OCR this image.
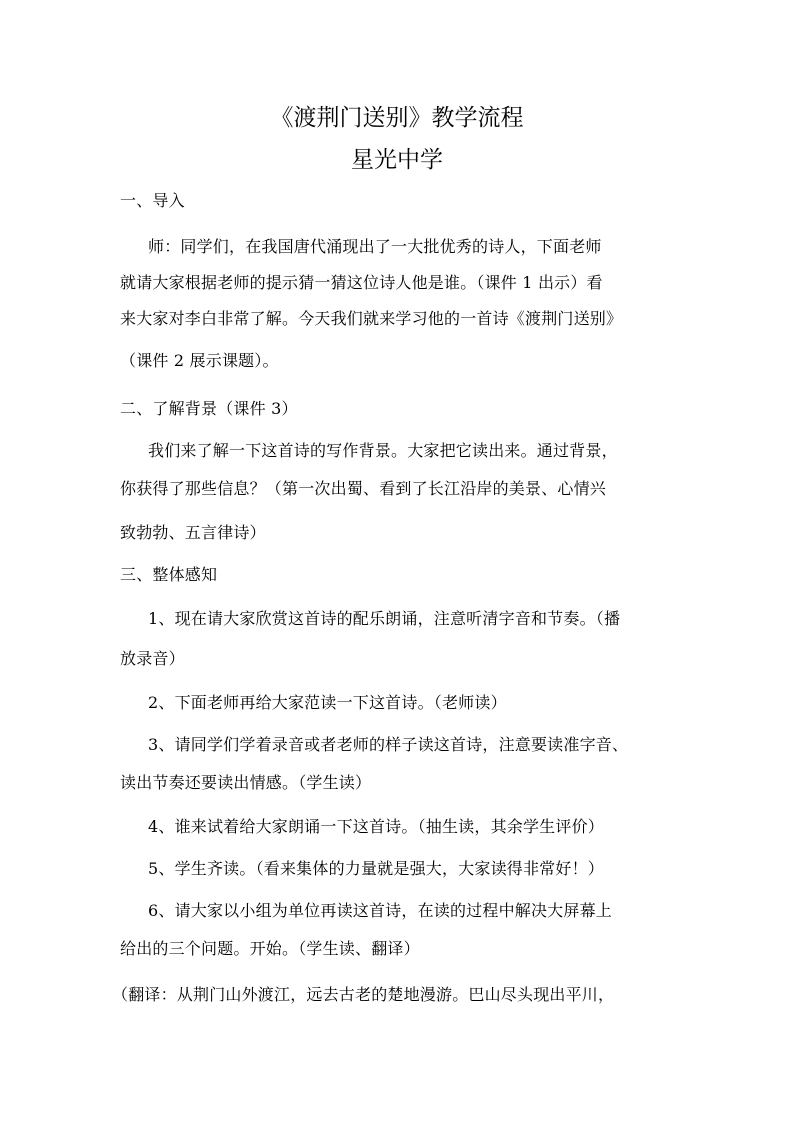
《渡荆门送别》教学流程
星光中学
一、导入
师：同学们，在我国唐代涌现出了一大批优秀的诗人，下面老师
就请大家根据老师的提示猜一猜这位诗人他是谁。（课件 1 出示）看
来大家对李白非常了解。今天我们就来学习他的一首诗《渡荆门送别》
（课件 2 展示课题）。
二、了解背景（课件 3）
我们来了解一下这首诗的写作背景。大家把它读出来。通过背景，
你获得了那些信息？（第一次出蜀、看到了长江沿岸的美景、心情兴
致勃勃、五言律诗）
三、整体感知
1、现在请大家欣赏这首诗的配乐朗诵，注意听清字音和节奏。（播
放录音）
2、下面老师再给大家范读一下这首诗。（老师读）
3、请同学们学着录音或者老师的样子读这首诗，注意要读准字音、
读出节奏还要读出情感。（学生读）
4、谁来试着给大家朗诵一下这首诗。（抽生读，其余学生评价）
5、学生齐读。（看来集体的力量就是强大，大家读得非常好！）
6、请大家以小组为单位再读这首诗，在读的过程中解决大屏幕上
给出的三个问题。开始。（学生读、翻译）
（翻译：从荆门山外渡江，远去古老的楚地漫游。巴山尽头现出平川，
